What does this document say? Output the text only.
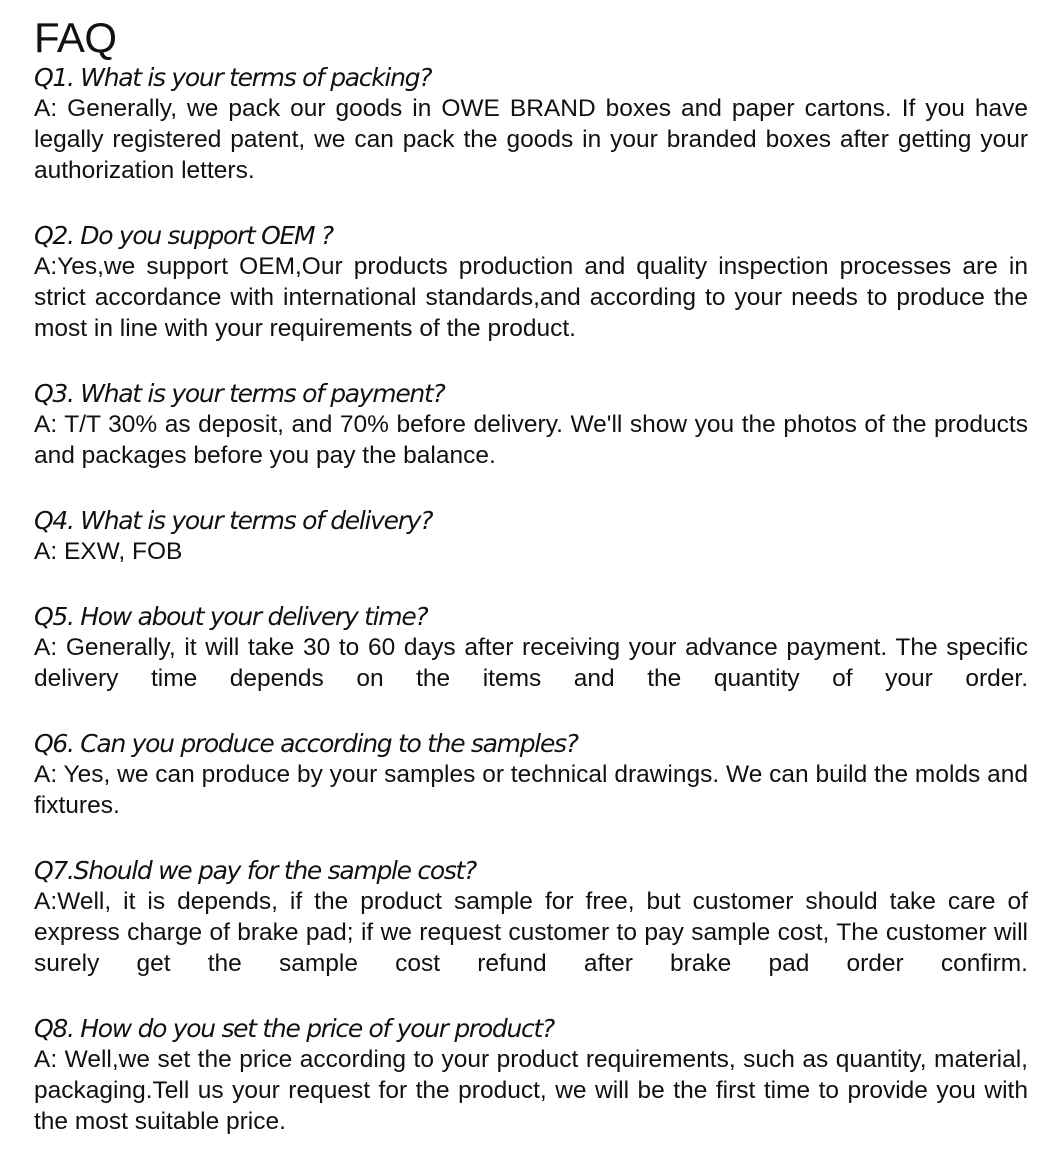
FAQ
Q1. What is your terms of packing?
A: Generally, we pack our goods in OWE BRAND boxes and paper cartons. If you have legally registered patent, we can pack the goods in your branded boxes after getting your authorization letters.
Q2. Do you support OEM ?
A:Yes,we support OEM,Our products production and quality inspection processes are in strict accordance with international standards,and according to your needs to produce the most in line with your requirements of the product.
Q3. What is your terms of payment?
A: T/T 30% as deposit, and 70% before delivery. We'll show you the photos of the products and packages before you pay the balance.
Q4. What is your terms of delivery?
A: EXW, FOB
Q5. How about your delivery time?
A: Generally, it will take 30 to 60 days after receiving your advance payment. The specific delivery time depends on the items and the quantity of your order.
Q6. Can you produce according to the samples?
A: Yes, we can produce by your samples or technical drawings. We can build the molds and fixtures.
Q7.Should we pay for the sample cost?
A:Well, it is depends, if the product sample for free, but customer should take care of express charge of brake pad; if we request customer to pay sample cost, The customer will surely get the sample cost refund after brake pad order confirm.
Q8. How do you set the price of your product?
A: Well,we set the price according to your product requirements, such as quantity, material, packaging.Tell us your request for the product, we will be the first time to provide you with the most suitable price.
